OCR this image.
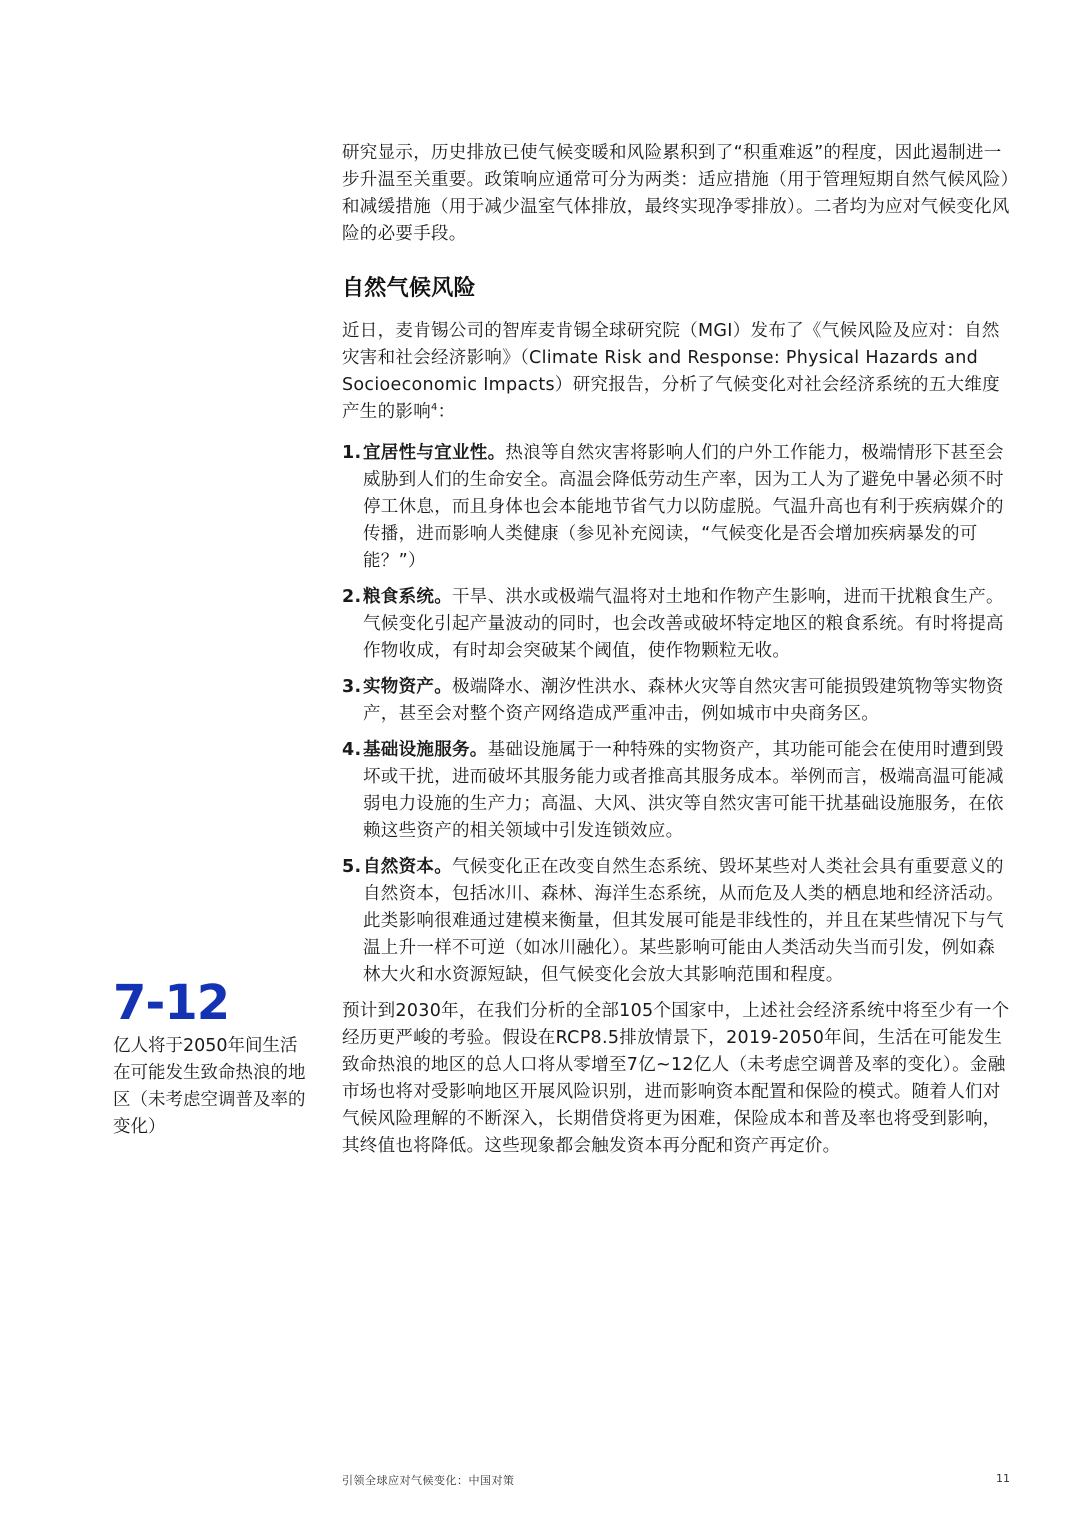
研究显示，历史排放已使气候变暖和风险累积到了“积重难返”的程度，因此遏制进一步升温至关重要。政策响应通常可分为两类：适应措施（用于管理短期自然气候风险）和减缓措施（用于减少温室气体排放，最终实现净零排放）。二者均为应对气候变化风险的必要手段。

自然气候风险

近日，麦肯锡公司的智库麦肯锡全球研究院（MGI）发布了《气候风险及应对：自然灾害和社会经济影响》（Climate Risk and Response: Physical Hazards and Socioeconomic Impacts）研究报告，分析了气候变化对社会经济系统的五大维度产生的影响$^4$：

1. 宜居性与宜业性。热浪等自然灾害将影响人们的户外工作能力，极端情形下甚至会威胁到人们的生命安全。高温会降低劳动生产率，因为工人为了避免中暑必须不时停工休息，而且身体也会本能地节省气力以防虚脱。气温升高也有利于疾病媒介的传播，进而影响人类健康（参见补充阅读，“气候变化是否会增加疾病暴发的可能？”）
2. 粮食系统。干旱、洪水或极端气温将对土地和作物产生影响，进而干扰粮食生产。气候变化引起产量波动的同时，也会改善或破坏特定地区的粮食系统。有时将提高作物收成，有时却会突破某个阈值，使作物颗粒无收。
3. 实物资产。极端降水、潮汐性洪水、森林火灾等自然灾害可能损毁建筑物等实物资产，甚至会对整个资产网络造成严重冲击，例如城市中央商务区。
4. 基础设施服务。基础设施属于一种特殊的实物资产，其功能可能会在使用时遭到毁坏或干扰，进而破坏其服务能力或者推高其服务成本。举例而言，极端高温可能减弱电力设施的生产力；高温、大风、洪灾等自然灾害可能干扰基础设施服务，在依赖这些资产的相关领域中引发连锁效应。
5. 自然资本。气候变化正在改变自然生态系统、毁坏某些对人类社会具有重要意义的自然资本，包括冰川、森林、海洋生态系统，从而危及人类的栖息地和经济活动。此类影响很难通过建模来衡量，但其发展可能是非线性的，并且在某些情况下与气温上升一样不可逆（如冰川融化）。某些影响可能由人类活动失当而引发，例如森林大火和水资源短缺，但气候变化会放大其影响范围和程度。

预计到2030年，在我们分析的全部105个国家中，上述社会经济系统中将至少有一个经历更严峻的考验。假设在RCP8.5排放情景下，2019-2050年间，生活在可能发生致命热浪的地区的总人口将从零增至7亿~12亿人（未考虑空调普及率的变化）。金融市场也将对受影响地区开展风险识别，进而影响资本配置和保险的模式。随着人们对气候风险理解的不断深入，长期借贷将更为困难，保险成本和普及率也将受到影响，其终值也将降低。这些现象都会触发资本再分配和资产再定价。

7-12
亿人将于2050年间生活在可能发生致命热浪的地区（未考虑空调普及率的变化）
引领全球应对气候变化：中国对策	11
